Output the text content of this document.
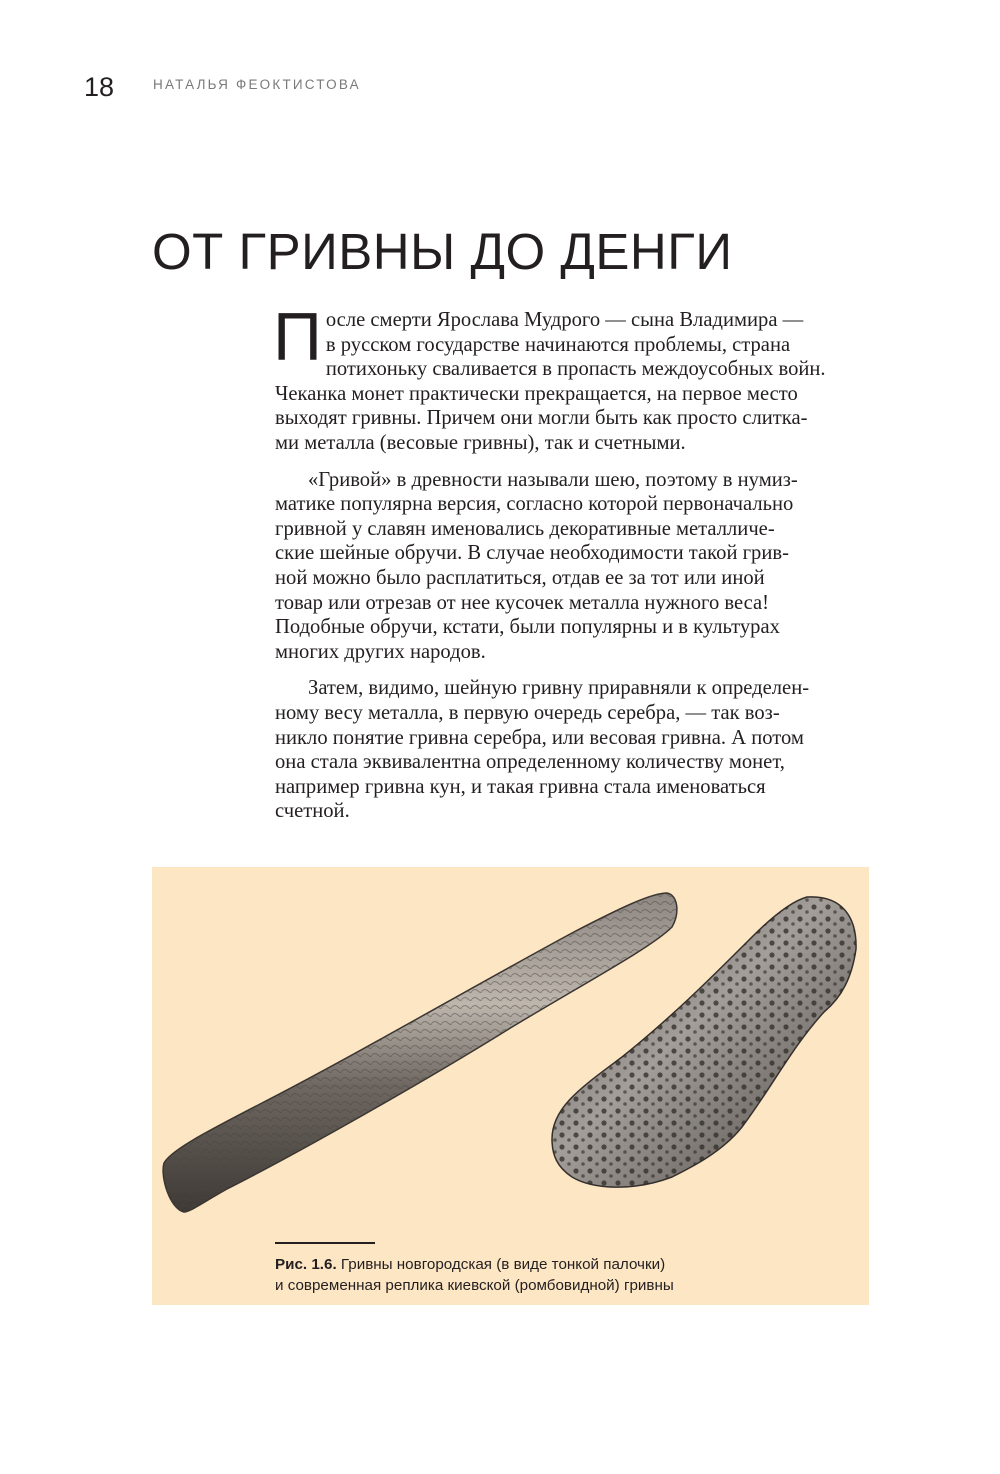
18	НАТАЛЬЯ ФЕОКТИСТОВА
ОТ ГРИВНЫ ДО ДЕНГИ

П осле смерти Ярослава Мудрого — сына Владимира —
в русском государстве начинаются проблемы, страна
потихоньку сваливается в пропасть междоусобных войн.
Чеканка монет практически прекращается, на первое место
выходят гривны. Причем они могли быть как просто слитка-
ми металла (весовые гривны), так и счетными.

«Гривой» в древности называли шею, поэтому в нумиз-
матике популярна версия, согласно которой первоначально
гривной у славян именовались декоративные металличе-
ские шейные обручи. В случае необходимости такой грив-
ной можно было расплатиться, отдав ее за тот или иной
товар или отрезав от нее кусочек металла нужного веса!
Подобные обручи, кстати, были популярны и в культурах
многих других народов.

Затем, видимо, шейную гривну приравняли к определен-
ному весу металла, в первую очередь серебра, — так воз-
никло понятие гривна серебра, или весовая гривна. А потом
она стала эквивалентна определенному количеству монет,
например гривна кун, и такая гривна стала именоваться
счетной.

Рис. 1.6. Гривны новгородская (в виде тонкой палочки)
и современная реплика киевской (ромбовидной) гривны
